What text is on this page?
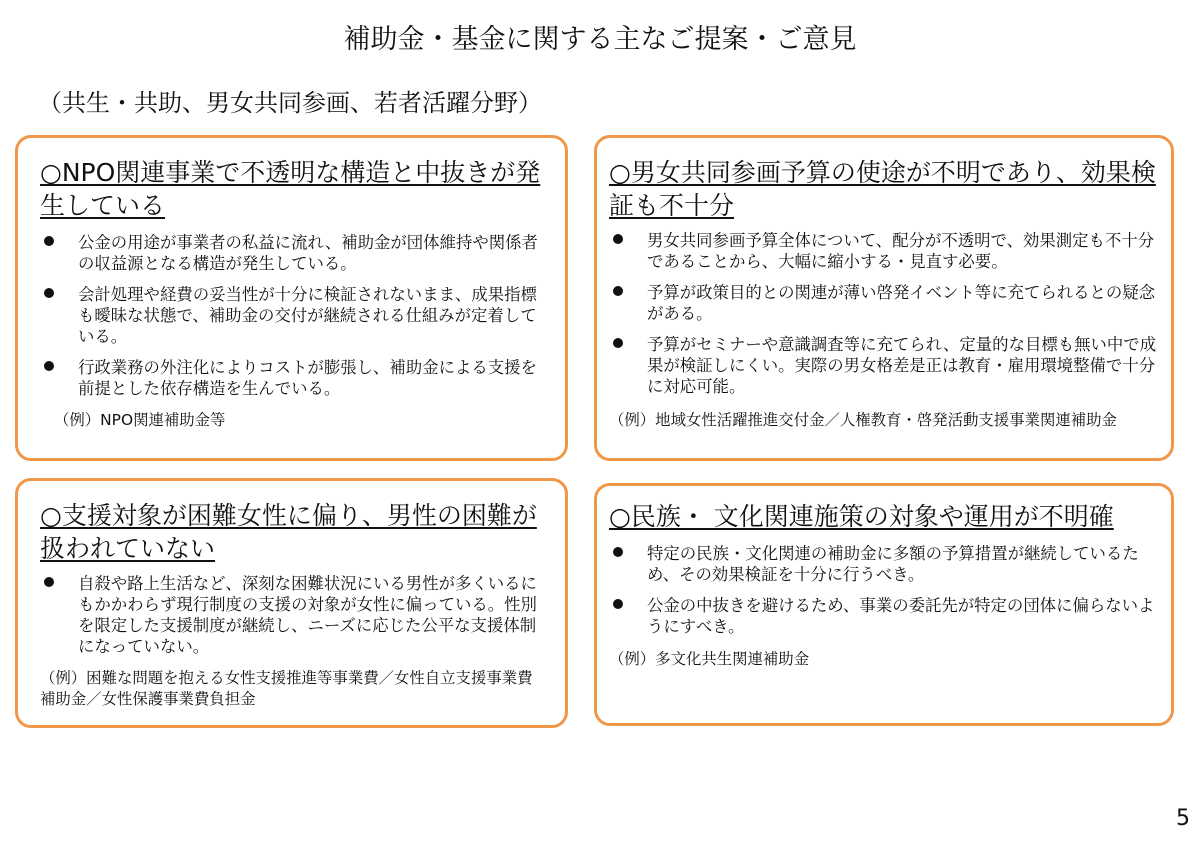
補助金・基金に関する主なご提案・ご意見
（共生・共助、男女共同参画、若者活躍分野）
○NPO関連事業で不透明な構造と中抜きが発生している
公金の用途が事業者の私益に流れ、補助金が団体維持や関係者の収益源となる構造が発生している。
会計処理や経費の妥当性が十分に検証されないまま、成果指標も曖昧な状態で、補助金の交付が継続される仕組みが定着している。
行政業務の外注化によりコストが膨張し、補助金による支援を前提とした依存構造を生んでいる。
（例）NPO関連補助金等
○男女共同参画予算の使途が不明であり、効果検証も不十分
男女共同参画予算全体について、配分が不透明で、効果測定も不十分であることから、大幅に縮小する・見直す必要。
予算が政策目的との関連が薄い啓発イベント等に充てられるとの疑念がある。
予算がセミナーや意識調査等に充てられ、定量的な目標も無い中で成果が検証しにくい。実際の男女格差是正は教育・雇用環境整備で十分に対応可能。
（例）地域女性活躍推進交付金／人権教育・啓発活動支援事業関連補助金
○支援対象が困難女性に偏り、男性の困難が扱われていない
自殺や路上生活など、深刻な困難状況にいる男性が多くいるにもかかわらず現行制度の支援の対象が女性に偏っている。性別を限定した支援制度が継続し、ニーズに応じた公平な支援体制になっていない。
（例）困難な問題を抱える女性支援推進等事業費／女性自立支援事業費補助金／女性保護事業費負担金
○民族・ 文化関連施策の対象や運用が不明確
特定の民族・文化関連の補助金に多額の予算措置が継続しているため、その効果検証を十分に行うべき。
公金の中抜きを避けるため、事業の委託先が特定の団体に偏らないようにすべき。
（例）多文化共生関連補助金
5
